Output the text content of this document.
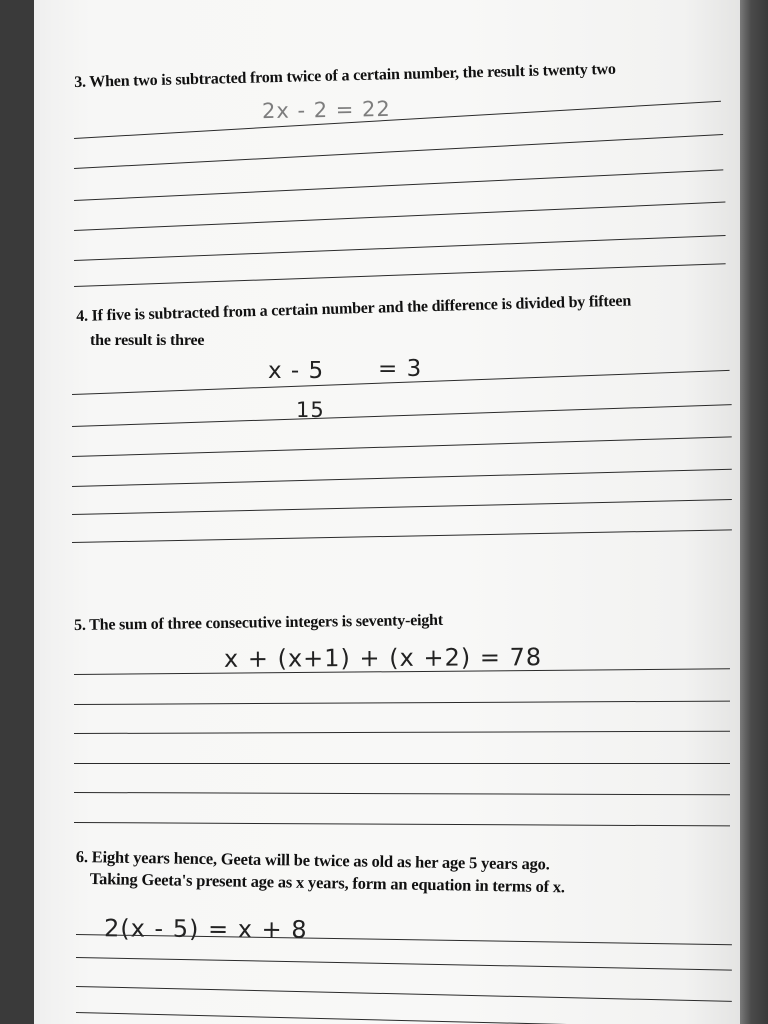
3. When two is subtracted from twice of a certain number, the result is twenty two
2x - 2 = 22
4. If five is subtracted from a certain number and the difference is divided by fifteen
the result is three
x - 5 = 3
15
5. The sum of three consecutive integers is seventy-eight
x + (x+1) + (x +2) = 78
6. Eight years hence, Geeta will be twice as old as her age 5 years ago.
Taking Geeta's present age as x years, form an equation in terms of x.
2(x - 5) = x + 8
